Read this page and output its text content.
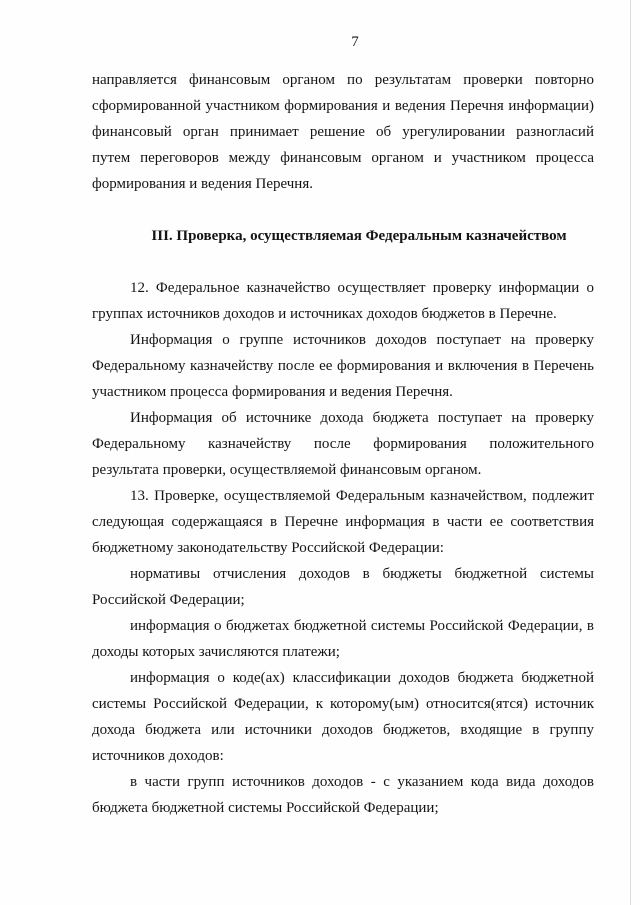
7
направляется финансовым органом по результатам проверки повторно
сформированной участником формирования и ведения Перечня информации)
финансовый орган принимает решение об урегулировании разногласий
путем переговоров между финансовым органом и участником процесса
формирования и ведения Перечня.
III. Проверка, осуществляемая Федеральным казначейством
12. Федеральное казначейство осуществляет проверку информации о
группах источников доходов и источниках доходов бюджетов в Перечне.
Информация о группе источников доходов поступает на проверку
Федеральному казначейству после ее формирования и включения в Перечень
участником процесса формирования и ведения Перечня.
Информация об источнике дохода бюджета поступает на проверку
Федеральному казначейству после формирования положительного
результата проверки, осуществляемой финансовым органом.
13. Проверке, осуществляемой Федеральным казначейством, подлежит
следующая содержащаяся в Перечне информация в части ее соответствия
бюджетному законодательству Российской Федерации:
нормативы отчисления доходов в бюджеты бюджетной системы
Российской Федерации;
информация о бюджетах бюджетной системы Российской Федерации, в
доходы которых зачисляются платежи;
информация о коде(ах) классификации доходов бюджета бюджетной
системы Российской Федерации, к которому(ым) относится(ятся) источник
дохода бюджета или источники доходов бюджетов, входящие в группу
источников доходов:
в части групп источников доходов - с указанием кода вида доходов
бюджета бюджетной системы Российской Федерации;
